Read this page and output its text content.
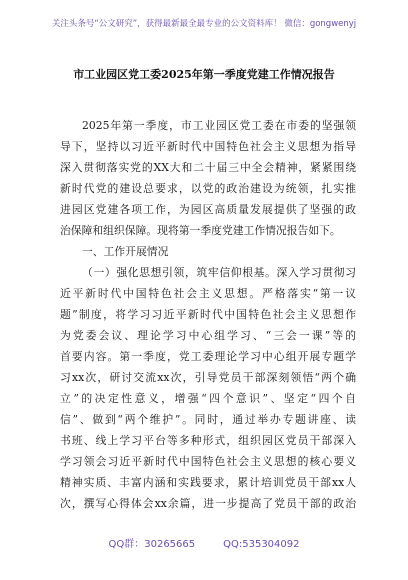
关注头条号“公文研究”，获得最新最全最专业的公文资料库！ 微信：gongwenyj
市工业园区党工委2025年第一季度党建工作情况报告
2025年第一季度，市工业园区党工委在市委的坚强领
导下，坚持以习近平新时代中国特色社会主义思想为指导
深入贯彻落实党的XX大和二十届三中全会精神，紧紧围绕
新时代党的建设总要求，以党的政治建设为统领，扎实推
进园区党建各项工作，为园区高质量发展提供了坚强的政
治保障和组织保障。现将第一季度党建工作情况报告如下。
一、工作开展情况
（一）强化思想引领，筑牢信仰根基。深入学习贯彻习
近平新时代中国特色社会主义思想。严格落实“第一议
题”制度，将学习习近平新时代中国特色社会主义思想作
为党委会议、理论学习中心组学习、“三会一课”等的
首要内容。第一季度，党工委理论学习中心组开展专题学
习xx次，研讨交流xx次，引导党员干部深刻领悟“两个确
立”的决定性意义，增强“四个意识”、坚定“四个自
信”、做到“两个维护”。同时，通过举办专题讲座、读
书班、线上学习平台等多种形式，组织园区党员干部深入
学习领会习近平新时代中国特色社会主义思想的核心要义
精神实质、丰富内涵和实践要求，累计培训党员干部xx人
次，撰写心得体会xx余篇，进一步提高了党员干部的政治
QQ群：30265665	QQ:535304092
